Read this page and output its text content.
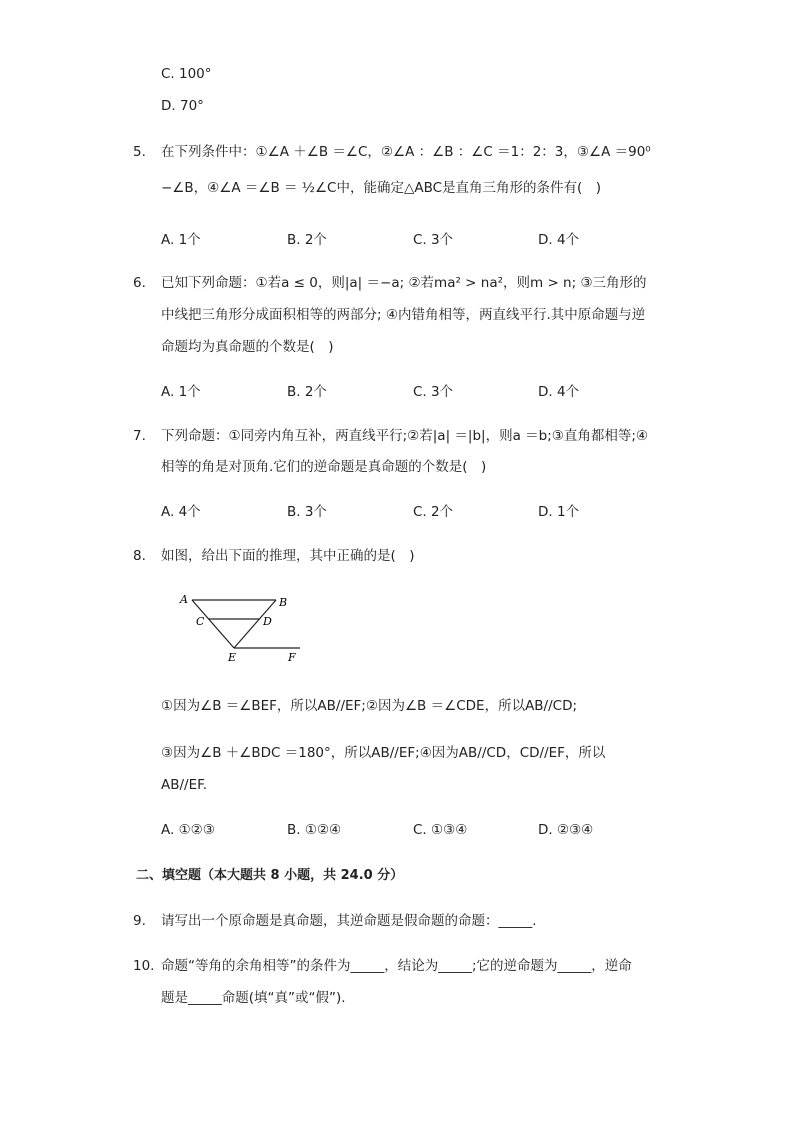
C. 100°
D. 70°
5.	在下列条件中：①∠A ＋∠B ＝∠C，②∠A ：∠B ：∠C ＝1：2：3，③∠A ＝90⁰
−∠B，④∠A ＝∠B ＝ ½∠C中，能确定△ABC是直角三角形的条件有(　)
A. 1个	B. 2个	C. 3个	D. 4个
6.	已知下列命题：①若a ≤ 0，则|a| ＝−a; ②若ma² > na²，则m > n; ③三角形的
中线把三角形分成面积相等的两部分; ④内错角相等，两直线平行.其中原命题与逆
命题均为真命题的个数是(　)
A. 1个	B. 2个	C. 3个	D. 4个
7.	下列命题：①同旁内角互补，两直线平行;②若|a| ＝|b|，则a ＝b;③直角都相等;④
相等的角是对顶角.它们的逆命题是真命题的个数是(　)
A. 4个	B. 3个	C. 2个	D. 1个
8.	如图，给出下面的推理，其中正确的是(　)
A	B
C	D
E	F
①因为∠B ＝∠BEF，所以AB//EF;②因为∠B ＝∠CDE，所以AB//CD;
③因为∠B ＋∠BDC ＝180°，所以AB//EF;④因为AB//CD，CD//EF，所以
AB//EF.
A. ①②③	B. ①②④	C. ①③④	D. ②③④
二、填空题（本大题共 8 小题，共 24.0 分）
9.	请写出一个原命题是真命题，其逆命题是假命题的命题：_____.
10. 命题“等角的余角相等”的条件为_____，结论为_____;它的逆命题为_____，逆命
题是_____命题(填“真”或“假”).
